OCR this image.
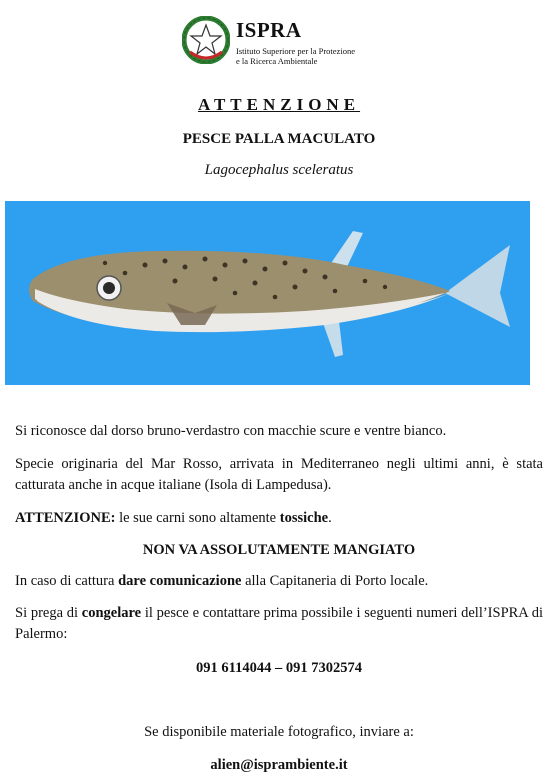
ISPRA
Istituto Superiore per la Protezione
e la Ricerca Ambientale
ATTENZIONE
PESCE PALLA MACULATO
Lagocephalus sceleratus
Si riconosce dal dorso bruno-verdastro con macchie scure e ventre bianco.
Specie originaria del Mar Rosso, arrivata in Mediterraneo negli ultimi anni, è stata catturata anche in acque italiane (Isola di Lampedusa).
ATTENZIONE: le sue carni sono altamente tossiche.
NON VA ASSOLUTAMENTE MANGIATO
In caso di cattura dare comunicazione alla Capitaneria di Porto locale.
Si prega di congelare il pesce e contattare prima possibile i seguenti numeri dell’ISPRA di Palermo:
091 6114044 – 091 7302574
Se disponibile materiale fotografico, inviare a:
alien@isprambiente.it
